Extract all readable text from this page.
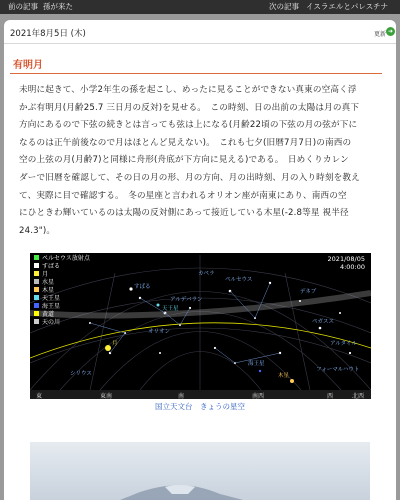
前の記事 孫が来た	次の記事 イスラエルとパレスチナ
2021年8月5日 (木)	更新 ➜
有明月
未明に起きて、小学2年生の孫を起こし、めったに見ることができない真東の空高く浮
かぶ有明月(月齢25.7 三日月の反対)を見せる。　この時刻、日の出前の太陽は月の真下
方向にあるので下弦の続きとは言っても弦は上になる(月齢22頃の下弦の月の弦が下に
なるのは正午前後なので月はほとんど見えない)。　これも七夕(旧暦7月7日)の南西の
空の上弦の月(月齢7)と同様に舟形(舟底が下方向に見える)である。　日めくりカレン
ダーで旧暦を確認して、その日の月の形、月の方向、月の出時刻、月の入り時刻を教え
て、実際に目で確認する。　冬の星座と言われるオリオン座が南東にあり、南西の空
にひときわ輝いているのは太陽の反対側にあって接近している木星(-2.8等星 視半径
24.3")。
すばる
オリオン
アルデバラン
月
木星
海王星
シリウス
ペガスス
ペルセウス
フォーマルハウト
カペラ
アルタイル
デネブ
天王星
ペルセウス放射点
すばる
月
水星
木星
天王星
海王星
黄道
天の川
2021/08/05
4:00:00
東	東南	南	南西	西	北西
国立天文台　きょうの星空
